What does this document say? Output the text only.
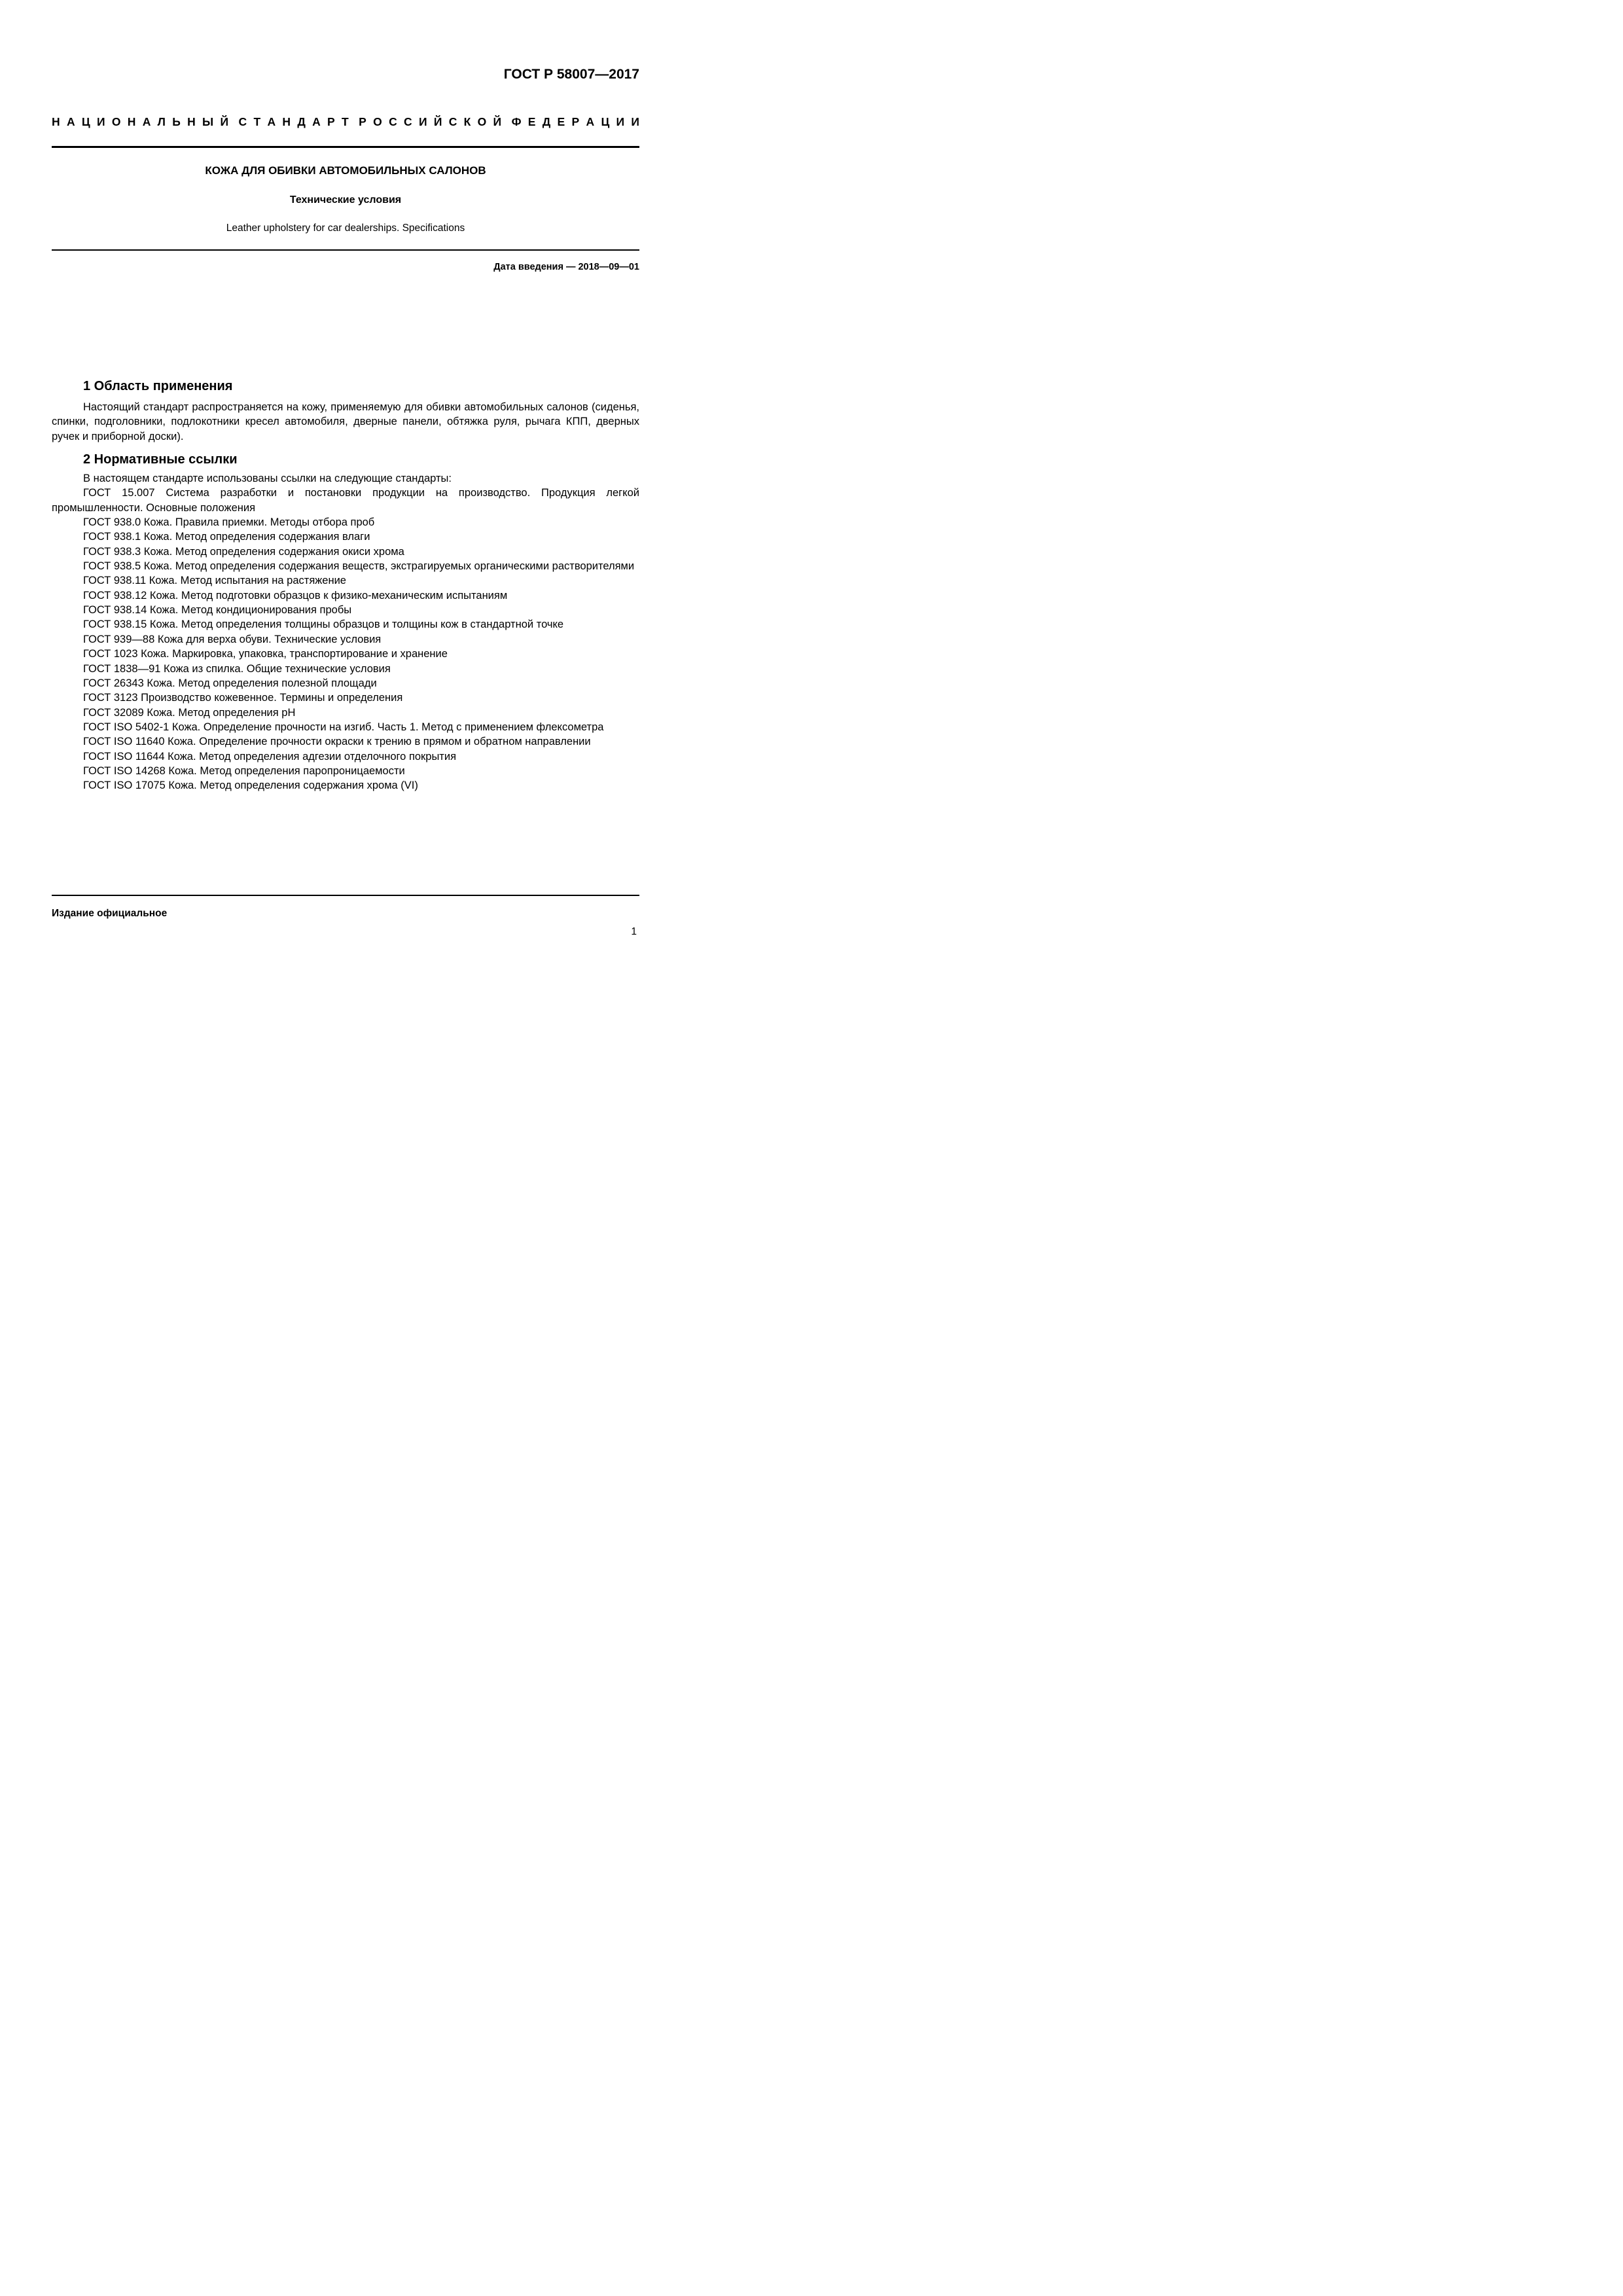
ГОСТ Р 58007—2017
Н А Ц И О Н А Л Ь Н Ы Й С Т А Н Д А Р Т Р О С С И Й С К О Й Ф Е Д Е Р А Ц И И
КОЖА ДЛЯ ОБИВКИ АВТОМОБИЛЬНЫХ САЛОНОВ
Технические условия
Leather upholstery for car dealerships. Specifications
Дата введения — 2018—09—01
1 Область применения

Настоящий стандарт распространяется на кожу, применяемую для обивки автомобильных салонов (сиденья, спинки, подголовники, подлокотники кресел автомобиля, дверные панели, обтяжка руля, рычага КПП, дверных ручек и приборной доски).

2 Нормативные ссылки

В настоящем стандарте использованы ссылки на следующие стандарты:

ГОСТ 15.007 Система разработки и постановки продукции на производство. Продукция легкой промышленности. Основные положения

ГОСТ 938.0 Кожа. Правила приемки. Методы отбора проб

ГОСТ 938.1 Кожа. Метод определения содержания влаги

ГОСТ 938.3 Кожа. Метод определения содержания окиси хрома

ГОСТ 938.5 Кожа. Метод определения содержания веществ, экстрагируемых органическими растворителями

ГОСТ 938.11 Кожа. Метод испытания на растяжение

ГОСТ 938.12 Кожа. Метод подготовки образцов к физико-механическим испытаниям

ГОСТ 938.14 Кожа. Метод кондиционирования пробы

ГОСТ 938.15 Кожа. Метод определения толщины образцов и толщины кож в стандартной точке

ГОСТ 939—88 Кожа для верха обуви. Технические условия

ГОСТ 1023 Кожа. Маркировка, упаковка, транспортирование и хранение

ГОСТ 1838—91 Кожа из спилка. Общие технические условия

ГОСТ 26343 Кожа. Метод определения полезной площади

ГОСТ 3123 Производство кожевенное. Термины и определения

ГОСТ 32089 Кожа. Метод определения рН

ГОСТ ISO 5402-1 Кожа. Определение прочности на изгиб. Часть 1. Метод с применением флексометра

ГОСТ ISO 11640 Кожа. Определение прочности окраски к трению в прямом и обратном направлении

ГОСТ ISO 11644 Кожа. Метод определения адгезии отделочного покрытия

ГОСТ ISO 14268 Кожа. Метод определения паропроницаемости

ГОСТ ISO 17075 Кожа. Метод определения содержания хрома (VI)

Издание официальное
1
